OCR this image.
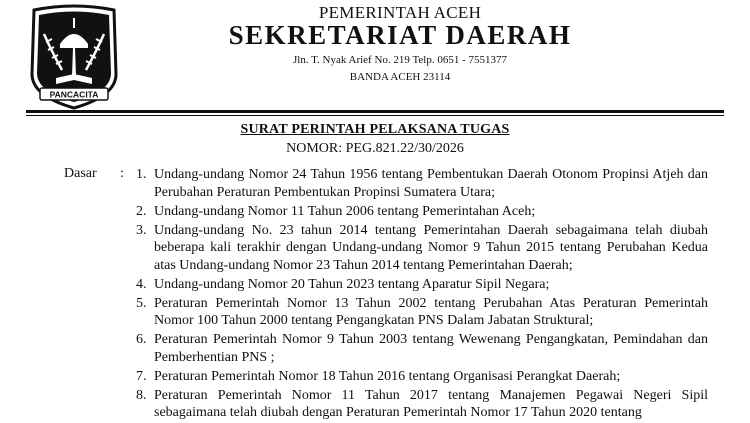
PANCACITA
PEMERINTAH ACEH
SEKRETARIAT DAERAH
Jln. T. Nyak Arief No. 219 Telp. 0651 - 7551377
BANDA ACEH 23114
SURAT PERINTAH PELAKSANA TUGAS
NOMOR: PEG.821.22/30/2026
Dasar : 1. Undang-undang Nomor 24 Tahun 1956 tentang Pembentukan Daerah Otonom Propinsi Atjeh dan Perubahan Peraturan Pembentukan Propinsi Sumatera Utara;
2. Undang-undang Nomor 11 Tahun 2006 tentang Pemerintahan Aceh;
3. Undang-undang No. 23 tahun 2014 tentang Pemerintahan Daerah sebagaimana telah diubah beberapa kali terakhir dengan Undang-undang Nomor 9 Tahun 2015 tentang Perubahan Kedua atas Undang-undang Nomor 23 Tahun 2014 tentang Pemerintahan Daerah;
4. Undang-undang Nomor 20 Tahun 2023 tentang Aparatur Sipil Negara;
5. Peraturan Pemerintah Nomor 13 Tahun 2002 tentang Perubahan Atas Peraturan Pemerintah Nomor 100 Tahun 2000 tentang Pengangkatan PNS Dalam Jabatan Struktural;
6. Peraturan Pemerintah Nomor 9 Tahun 2003 tentang Wewenang Pengangkatan, Pemindahan dan Pemberhentian PNS ;
7. Peraturan Pemerintah Nomor 18 Tahun 2016 tentang Organisasi Perangkat Daerah;
8. Peraturan Pemerintah Nomor 11 Tahun 2017 tentang Manajemen Pegawai Negeri Sipil sebagaimana telah diubah dengan Peraturan Pemerintah Nomor 17 Tahun 2020 tentang
